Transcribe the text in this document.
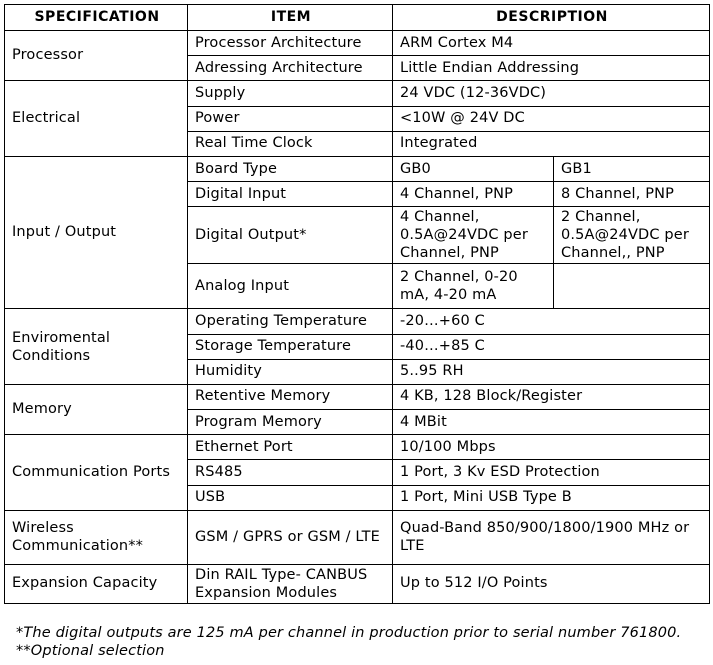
SPECIFICATION	ITEM	DESCRIPTION	
Processor	Processor Architecture	ARM Cortex M4	
	Adressing Architecture	Little Endian Addressing	
Electrical	Supply	24 VDC (12-36VDC)	
	Power	<10W @ 24V DC	
	Real Time Clock	Integrated	
Input / Output	Board Type	GB0	GB1
	Digital Input	4 Channel, PNP	8 Channel, PNP
	Digital Output*	4 Channel, 0.5A@24VDC per Channel, PNP	2 Channel, 0.5A@24VDC per Channel,, PNP
	Analog Input	2 Channel, 0-20 mA, 4-20 mA	
Enviromental Conditions	Operating Temperature	-20…+60 C	
	Storage Temperature	-40…+85 C	
	Humidity	5..95 RH	
Memory	Retentive Memory	4 KB, 128 Block/Register	
	Program Memory	4 MBit	
Communication Ports	Ethernet Port	10/100 Mbps	
	RS485	1 Port, 3 Kv ESD Protection	
	USB	1 Port, Mini USB Type B	
Wireless Communication**	GSM / GPRS or GSM / LTE	Quad-Band 850/900/1800/1900 MHz or LTE	
Expansion Capacity	Din RAIL Type- CANBUS Expansion Modules	Up to 512 I/O Points	
*The digital outputs are 125 mA per channel in production prior to serial number 761800.
**Optional selection
